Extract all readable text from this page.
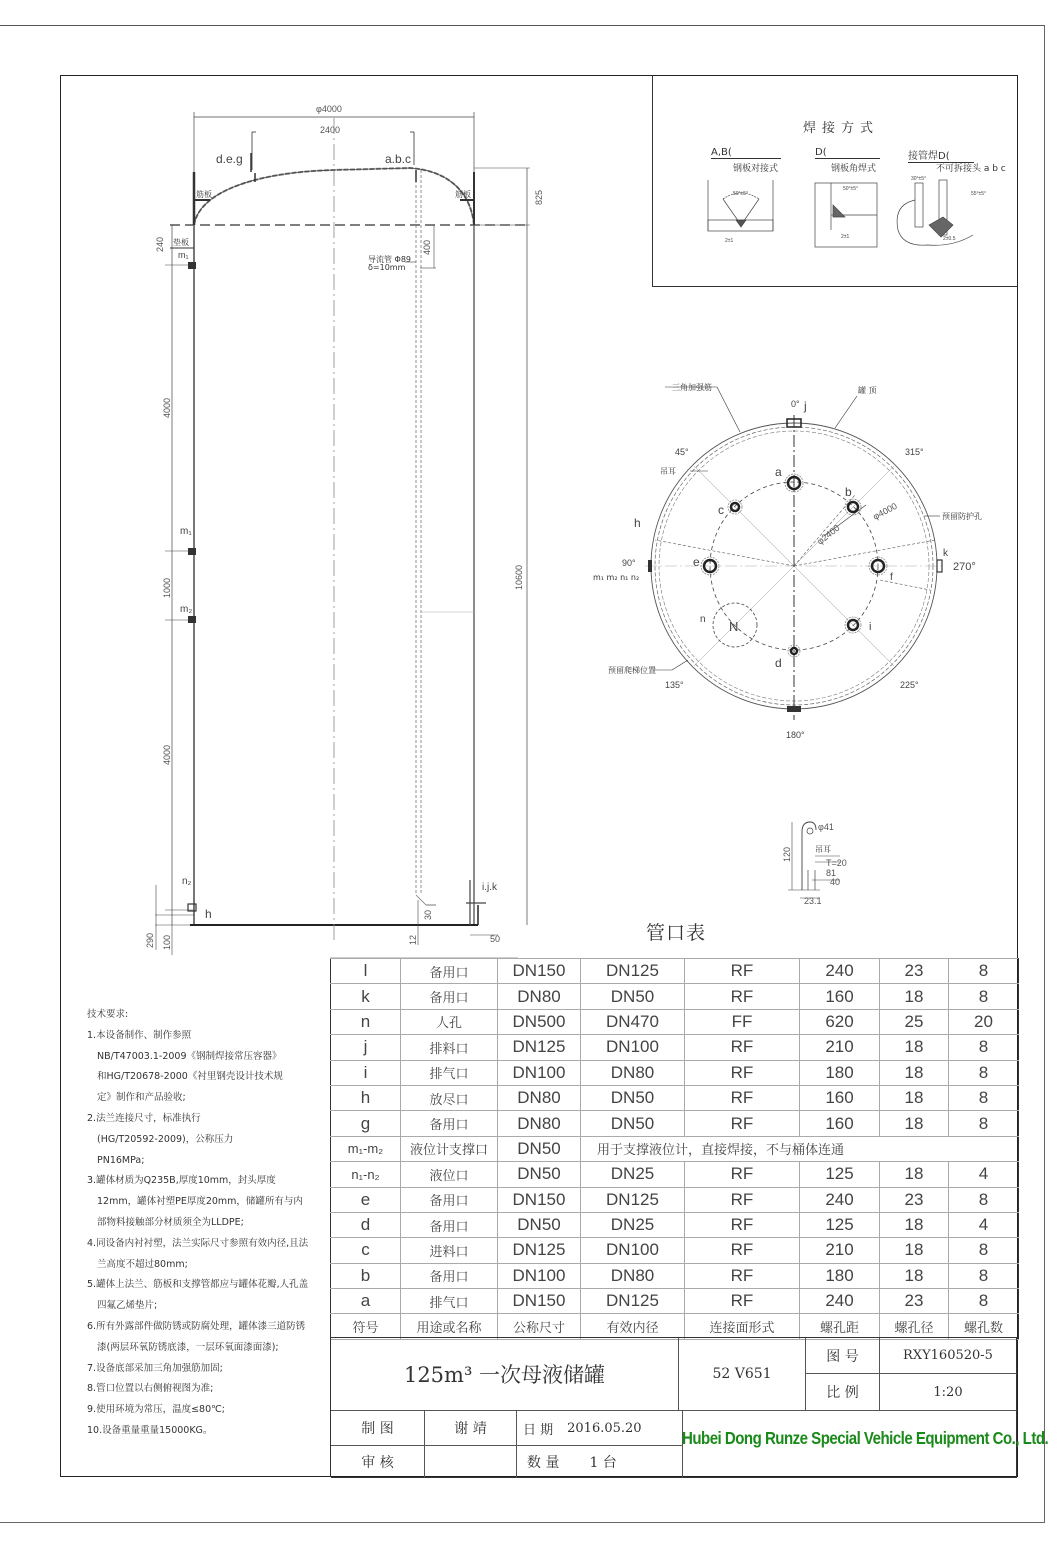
φ4000
2400
d.e.g	a.b.c
筋板	筋板
垫板
825
240	400
4000
1000
4000
10600
290 100	12
30
50
m₁
m₁
m₂
n₂
h
i.j.k
导流管 Φ89
δ=10mm
0°
45°
90°
135°
180°
225°
270°
315°
φ4000
φ2400
a
b
c
d
e
f
i
j
k
h
n N
m₁ m₂ n₁ n₂
三角加强筋	罐 顶
吊耳
预留防护孔
预留爬梯位置
吊耳
T=20
φ41
120
81
40
23.1
焊接方式
A,B(
钢板对接式
D(
钢板角焊式
接管焊D(
不可拆接头 a b c
50°±5°
50°±5°
30°±5°
55°±5°
2±1
2±1	2±0.5
技术要求:
1.本设备制作、制作参照
NB/T47003.1-2009《钢制焊接常压容器》
和HG/T20678-2000《衬里钢壳设计技术规
定》制作和产品验收;
2.法兰连接尺寸，标准执行
(HG/T20592-2009)，公称压力
PN16MPa;
3.罐体材质为Q235B,厚度10mm，封头厚度
12mm，罐体衬塑PE厚度20mm，储罐所有与内
部物料接触部分材质须全为LLDPE;
4.同设备内衬衬塑，法兰实际尺寸参照有效内径,且法
兰高度不超过80mm;
5.罐体上法兰、筋板和支撑管都应与罐体花瓣,人孔盖
四氟乙烯垫片;
6.所有外露部件做防锈或防腐处理，罐体漆三道防锈
漆(两层环氧防锈底漆，一层环氧面漆面漆);
7.设备底部采加三角加强筋加固;
8.管口位置以右侧俯视图为准;
9.使用环境为常压，温度≤80℃;
10.设备重量重量15000KG。
管口表
l	备用口	DN150	DN125	RF	240	23	8
k	备用口	DN80	DN50	RF	160	18	8
n	人孔	DN500	DN470	FF	620	25	20
j	排料口	DN125	DN100	RF	210	18	8
i	排气口	DN100	DN80	RF	180	18	8
h	放尽口	DN80	DN50	RF	160	18	8
g	备用口	DN80	DN50	RF	160	18	8
m₁-m₂	液位计支撑口	DN50	用于支撑液位计，直接焊接，不与桶体连通				
n₁-n₂	液位口	DN50	DN25	RF	125	18	4
e	备用口	DN150	DN125	RF	240	23	8
d	备用口	DN50	DN25	RF	125	18	4
c	进料口	DN125	DN100	RF	210	18	8
b	备用口	DN100	DN80	RF	180	18	8
a	排气口	DN150	DN125	RF	240	23	8
符号	用途或名称	公称尺寸	有效内径	连接面形式	螺孔距	螺孔径	螺孔数
125m³ 一次母液储罐	52 V651
图 号	RXY160520-5
比 例	1:20
制 图	谢 靖	日 期 2016.05.20
审 核	数 量 1 台
Hubei Dong Runze Special Vehicle Equipment Co., Ltd.
